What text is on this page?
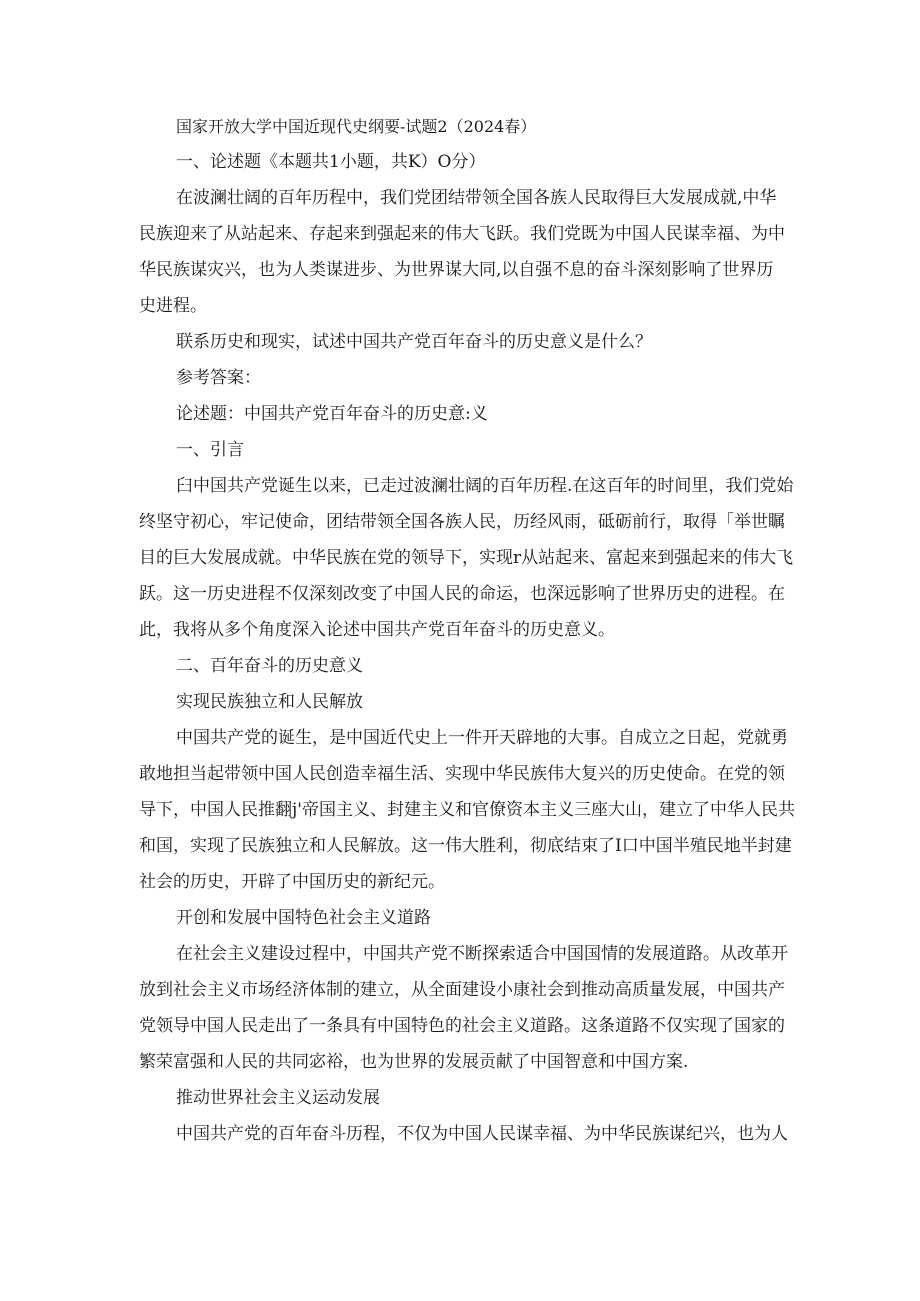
国家开放大学中国近现代史纲要-试题2（2024春）
一、论述题《本题共1小题，共K）O分）
在波澜壮阔的百年历程中，我们党团结带领全国各族人民取得巨大发展成就,中华
民族迎来了从站起来、存起来到强起来的伟大飞跃。我们党既为中国人民谋幸福、为中
华民族谋灾兴，也为人类谋进步、为世界谋大同,以自强不息的奋斗深刻影响了世界历
史进程。
联系历史和现实，试述中国共产党百年奋斗的历史意义是什么？
参考答案：
论述题：中国共产党百年奋斗的历史意:义
一、引言
臼中国共产党诞生以来，已走过波澜壮阔的百年历程.在这百年的时间里，我们党始
终坚守初心，牢记使命，团结带领全国各族人民，历经风雨，砥砺前行，取得「举世瞩
目的巨大发展成就。中华民族在党的领导下，实现r从站起来、富起来到强起来的伟大飞
跃。这一历史进程不仅深刻改变了中国人民的命运，也深远影响了世界历史的进程。在
此，我将从多个角度深入论述中国共产党百年奋斗的历史意义。
二、百年奋斗的历史意义
实现民族独立和人民解放
中国共产党的诞生，是中国近代史上一件开天辟地的大事。自成立之日起，党就勇
敢地担当起带领中国人民创造幸福生活、实现中华民族伟大复兴的历史使命。在党的领
导下，中国人民推翻j'帝国主义、封建主义和官僚资本主义三座大山，建立了中华人民共
和国，实现了民族独立和人民解放。这一伟大胜利，彻底结束了I口中国半殖民地半封建
社会的历史，开辟了中国历史的新纪元。
开创和发展中国特色社会主义道路
在社会主义建设过程中，中国共产党不断探索适合中国国情的发展道路。从改革开
放到社会主义市场经济体制的建立，从全面建设小康社会到推动高质量发展，中国共产
党领导中国人民走出了一条具有中国特色的社会主义道路。这条道路不仅实现了国家的
繁荣富强和人民的共同宓裕，也为世界的发展贡献了中国智意和中国方案.
推动世界社会主义运动发展
中国共产党的百年奋斗历程，不仅为中国人民谋幸福、为中华民族谋纪兴，也为人
